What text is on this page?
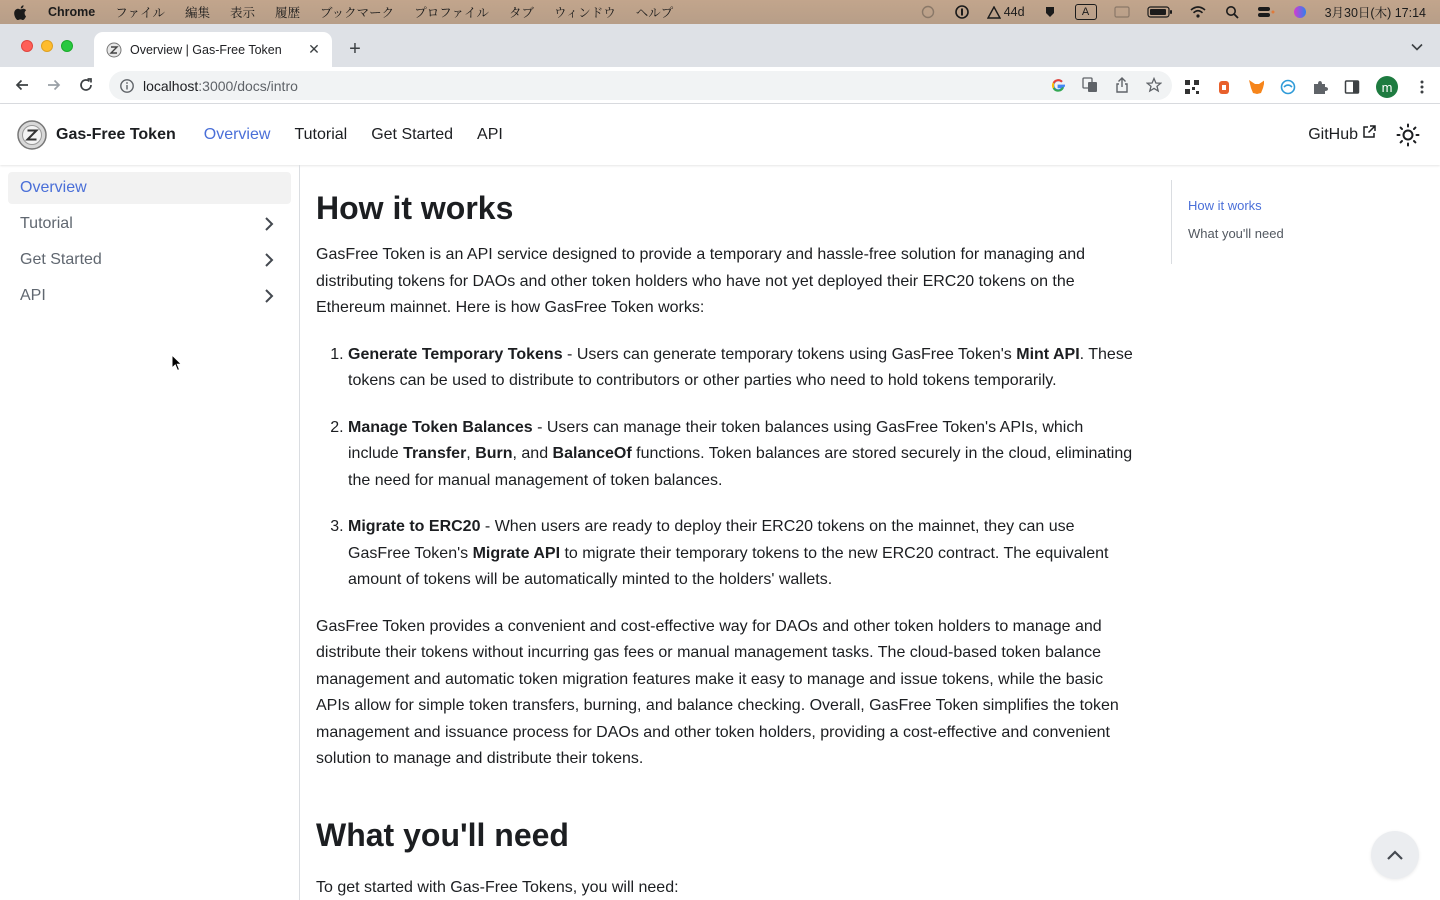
Chrome ファイル 編集 表示 履歴 ブックマーク プロファイル タブ ウィンドウ ヘルプ	44d	A	3月30日(木) 17:14
Overview | Gas-Free Token	✕ +
localhost :3000/docs/intro	m
Gas-Free Token Overview Tutorial Get Started API	GitHub
Overview
Tutorial
Get Started
API
How it works

GasFree Token is an API service designed to provide a temporary and hassle-free solution for managing and distributing tokens for DAOs and other token holders who have not yet deployed their ERC20 tokens on the Ethereum mainnet. Here is how GasFree Token works:

1. Generate Temporary Tokens - Users can generate temporary tokens using GasFree Token's Mint API. These tokens can be used to distribute to contributors or other parties who need to hold tokens temporarily.
2. Manage Token Balances - Users can manage their token balances using GasFree Token's APIs, which include Transfer, Burn, and BalanceOf functions. Token balances are stored securely in the cloud, eliminating the need for manual management of token balances.
3. Migrate to ERC20 - When users are ready to deploy their ERC20 tokens on the mainnet, they can use GasFree Token's Migrate API to migrate their temporary tokens to the new ERC20 contract. The equivalent amount of tokens will be automatically minted to the holders' wallets.

GasFree Token provides a convenient and cost-effective way for DAOs and other token holders to manage and distribute their tokens without incurring gas fees or manual management tasks. The cloud-based token balance management and automatic token migration features make it easy to manage and issue tokens, while the basic APIs allow for simple token transfers, burning, and balance checking. Overall, GasFree Token simplifies the token management and issuance process for DAOs and other token holders, providing a cost-effective and convenient solution to manage and distribute their tokens.

What you'll need

To get started with Gas-Free Tokens, you will need:

How it works
What you'll need
